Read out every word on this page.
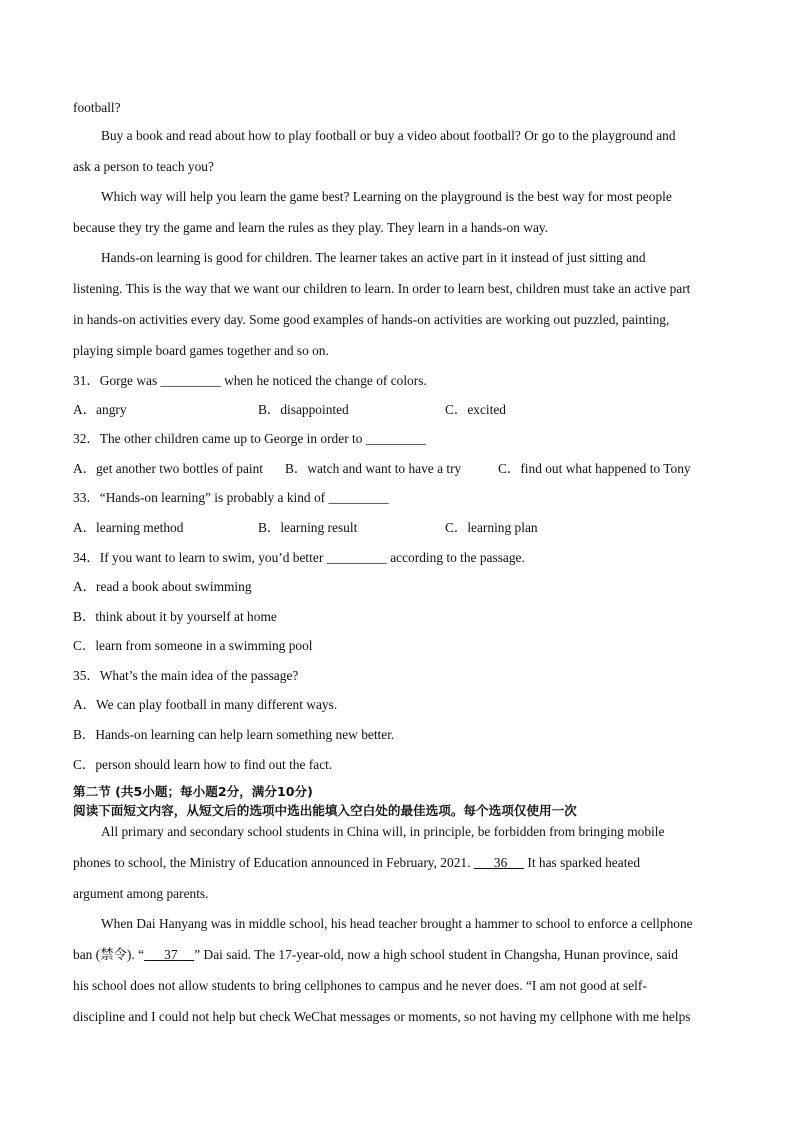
football?
Buy a book and read about how to play football or buy a video about football? Or go to the playground and
ask a person to teach you?
Which way will help you learn the game best? Learning on the playground is the best way for most people
because they try the game and learn the rules as they play. They learn in a hands-on way.
Hands-on learning is good for children. The learner takes an active part in it instead of just sitting and
listening. This is the way that we want our children to learn. In order to learn best, children must take an active part
in hands-on activities every day. Some good examples of hands-on activities are working out puzzled, painting,
playing simple board games together and so on.
31．Gorge was _________ when he noticed the change of colors.
A．angry	B．disappointed	C．excited
32．The other children came up to George in order to _________
A．get another two bottles of paint B．watch and want to have a try	C．find out what happened to Tony
33．“Hands-on learning” is probably a kind of _________
A．learning method	B．learning result	C．learning plan
34．If you want to learn to swim, you’d better _________ according to the passage.
A．read a book about swimming
B．think about it by yourself at home
C．learn from someone in a swimming pool
35．What’s the main idea of the passage?
A．We can play football in many different ways.
B．Hands-on learning can help learn something new better.
C．person should learn how to find out the fact.
第二节 (共5小题；每小题2分，满分10分)
阅读下面短文内容，从短文后的选项中选出能填入空白处的最佳选项。每个选项仅使用一次
All primary and secondary school students in China will, in principle, be forbidden from bringing mobile
phones to school, the Ministry of Education announced in February, 2021. 36 It has sparked heated
argument among parents.
When Dai Hanyang was in middle school, his head teacher brought a hammer to school to enforce a cellphone
ban (禁令). “ 37 ” Dai said. The 17-year-old, now a high school student in Changsha, Hunan province, said
his school does not allow students to bring cellphones to campus and he never does. “I am not good at self-
discipline and I could not help but check WeChat messages or moments, so not having my cellphone with me helps
